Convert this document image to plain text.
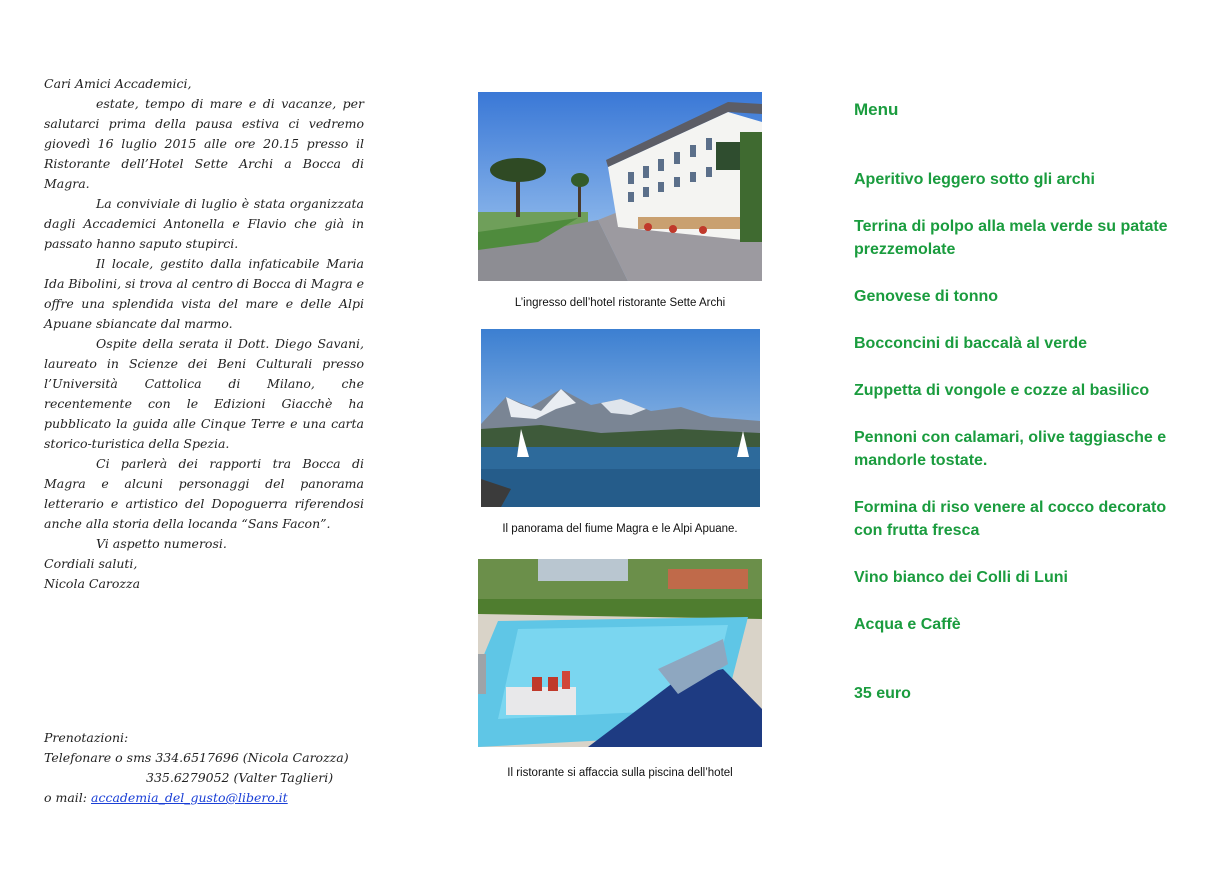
Cari Amici Accademici,

estate, tempo di mare e di vacanze, per salutarci prima della pausa estiva ci vedremo giovedì 16 luglio 2015 alle ore 20.15 presso il Ristorante dell’Hotel Sette Archi a Bocca di Magra.

La conviviale di luglio è stata organizzata dagli Accademici Antonella e Flavio che già in passato hanno saputo stupirci.

Il locale, gestito dalla infaticabile Maria Ida Bibolini, si trova al centro di Bocca di Magra e offre una splendida vista del mare e delle Alpi Apuane sbiancate dal marmo.

Ospite della serata il Dott. Diego Savani, laureato in Scienze dei Beni Culturali presso l’Università Cattolica di Milano, che recentemente con le Edizioni Giacchè ha pubblicato la guida alle Cinque Terre e una carta storico-turistica della Spezia.

Ci parlerà dei rapporti tra Bocca di Magra e alcuni personaggi del panorama letterario e artistico del Dopoguerra riferendosi anche alla storia della locanda “Sans Facon”.

Vi aspetto numerosi.

Cordiali saluti,

Nicola Carozza

Prenotazioni:
Telefonare o sms 334.6517696 (Nicola Carozza)
335.6279052 (Valter Taglieri)
o mail: accademia_del_gusto@libero.it
L’ingresso dell’hotel ristorante Sette Archi
Il panorama del fiume Magra e le Alpi Apuane.
Il ristorante si affaccia sulla piscina dell’hotel

Menu

Aperitivo leggero sotto gli archi

Terrina di polpo alla mela verde su patate prezzemolate

Genovese di tonno

Bocconcini di baccalà al verde

Zuppetta di vongole e cozze al basilico

Pennoni con calamari, olive taggiasche e mandorle tostate.

Formina di riso venere al cocco decorato con frutta fresca

Vino bianco dei Colli di Luni

Acqua e Caffè

35 euro
